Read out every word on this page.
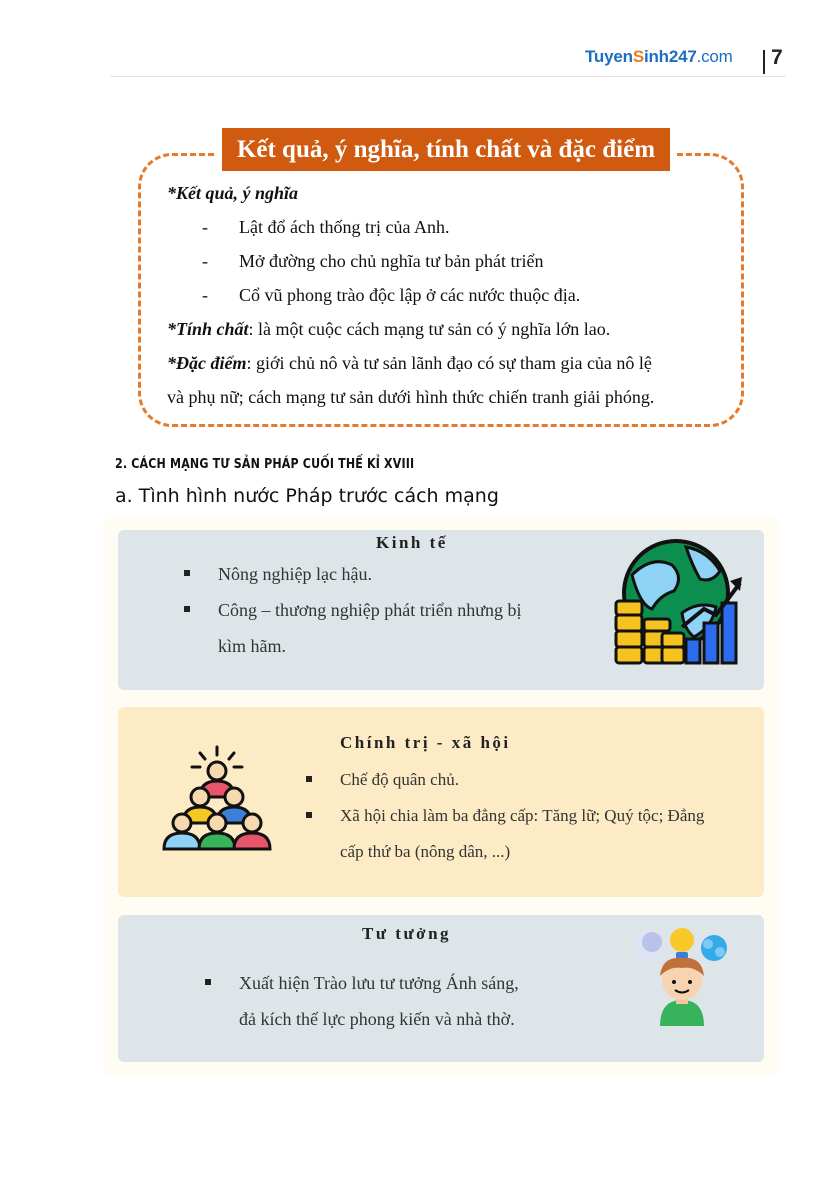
TuyenSinh247.com 7
Kết quả, ý nghĩa, tính chất và đặc điểm
*Kết quả, ý nghĩa
- Lật đổ ách thống trị của Anh.
- Mở đường cho chủ nghĩa tư bản phát triển
- Cổ vũ phong trào độc lập ở các nước thuộc địa.
*Tính chất: là một cuộc cách mạng tư sản có ý nghĩa lớn lao.
*Đặc điểm: giới chủ nô và tư sản lãnh đạo có sự tham gia của nô lệ
và phụ nữ; cách mạng tư sản dưới hình thức chiến tranh giải phóng.
2. CÁCH MẠNG TƯ SẢN PHÁP CUỐI THẾ KỈ XVIII
a. Tình hình nước Pháp trước cách mạng
Kinh tế
Nông nghiệp lạc hậu.
Công – thương nghiệp phát triển nhưng bị
kìm hãm.
Chính trị - xã hội
Chế độ quân chủ.
Xã hội chia làm ba đẳng cấp: Tăng lữ; Quý tộc; Đẳng
cấp thứ ba (nông dân, ...)
Tư tưởng
Xuất hiện Trào lưu tư tưởng Ánh sáng,
đả kích thế lực phong kiến và nhà thờ.
